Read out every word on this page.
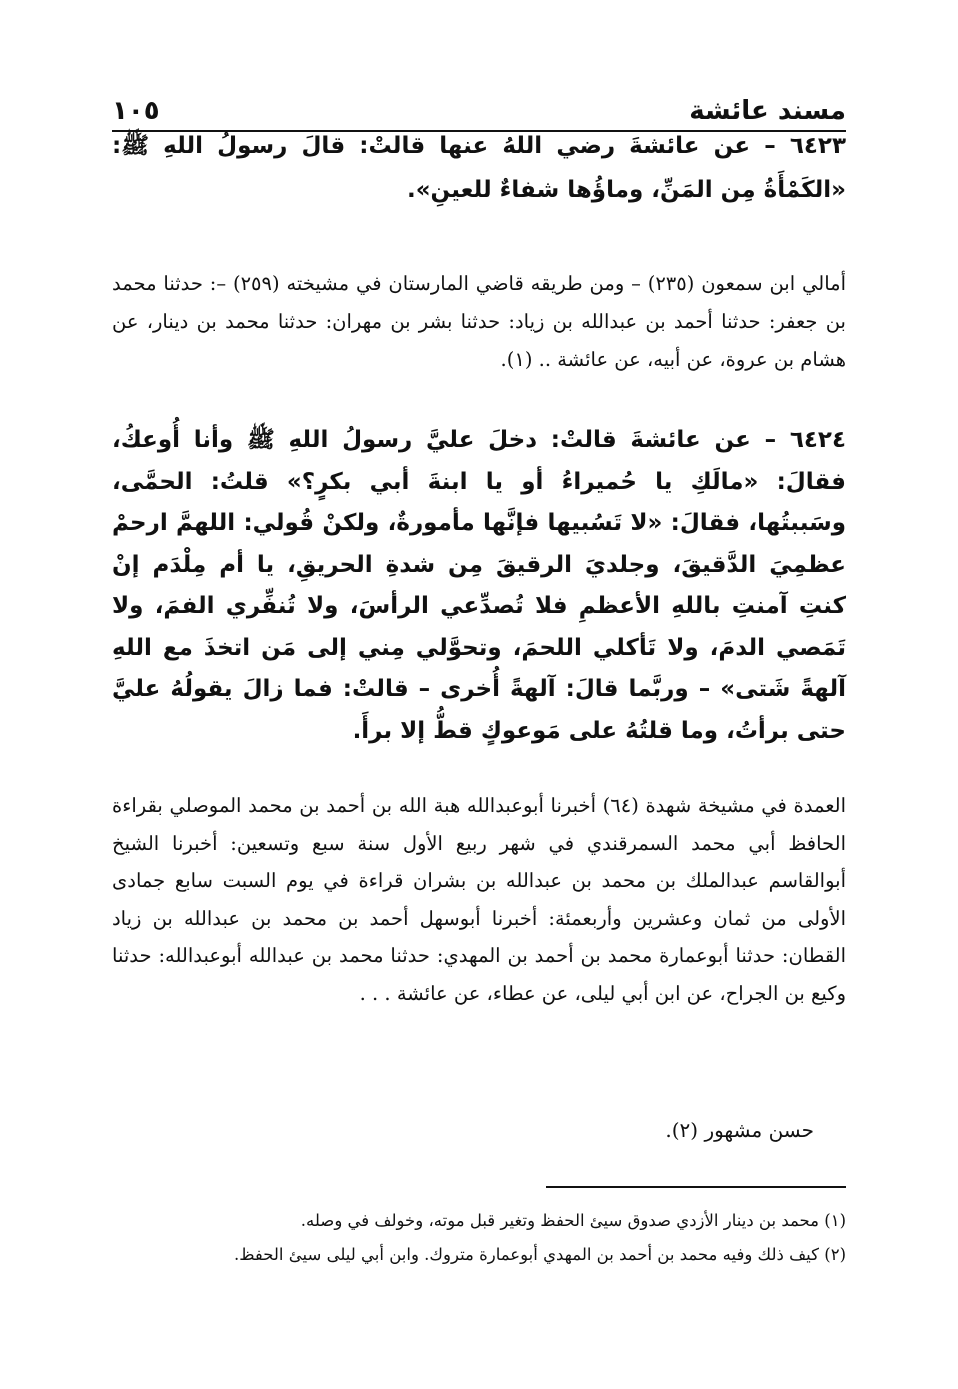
مسند عائشة
١٠٥

٦٤٢٣ – عن عائشةَ رضي اللهُ عنها قالتْ: قالَ رسولُ اللهِ ﷺ: «الكَمْأَةُ مِن المَنِّ، وماؤُها شفاءٌ للعينِ».

أمالي ابن سمعون (٢٣٥) – ومن طريقه قاضي المارستان في مشيخته (٢٥٩) –: حدثنا محمد بن جعفر: حدثنا أحمد بن عبدالله بن زياد: حدثنا بشر بن مهران: حدثنا محمد بن دينار، عن هشام بن عروة، عن أبيه، عن عائشة .. (١).

٦٤٢٤ – عن عائشةَ قالتْ: دخلَ عليَّ رسولُ اللهِ ﷺ وأنا أُوعكُ، فقالَ: «مالَكِ يا حُميراءُ أو يا ابنةَ أبي بكرٍ؟» قلتُ: الحمَّى، وسَببتُها، فقالَ: «لا تَسُبيها فإنَّها مأمورةٌ، ولكنْ قُولي: اللهمَّ ارحمْ عظمِيَ الدَّقيقَ، وجلديَ الرقيقَ مِن شدةِ الحريقِ، يا أم مِلْدَم إنْ كنتِ آمنتِ باللهِ الأعظمِ فلا تُصدِّعي الرأسَ، ولا تُنفِّري الفمَ، ولا تَمَصي الدمَ، ولا تَأكلي اللحمَ، وتحوَّلي مِني إلى مَن اتخذَ مع اللهِ آلهةً شَتى» – وربَّما قالَ: آلهةً أُخرى – قالتْ: فما زالَ يقولُهُ عليَّ حتى برأتُ، وما قلتُهُ على مَوعوكٍ قطُّ إلا برأَ.

العمدة في مشيخة شهدة (٦٤) أخبرنا أبوعبدالله هبة الله بن أحمد بن محمد الموصلي بقراءة الحافظ أبي محمد السمرقندي في شهر ربيع الأول سنة سبع وتسعين: أخبرنا الشيخ أبوالقاسم عبدالملك بن محمد بن عبدالله بن بشران قراءة في يوم السبت سابع جمادى الأولى من ثمان وعشرين وأربعمئة: أخبرنا أبوسهل أحمد بن محمد بن عبدالله بن زياد القطان: حدثنا أبوعمارة محمد بن أحمد بن المهدي: حدثنا محمد بن عبدالله أبوعبدالله: حدثنا وكيع بن الجراح، عن ابن أبي ليلى، عن عطاء، عن عائشة . . .

حسن مشهور (٢).
(١) محمد بن دينار الأزدي صدوق سيئ الحفظ وتغير قبل موته، وخولف في وصله.
(٢) كيف ذلك وفيه محمد بن أحمد بن المهدي أبوعمارة متروك. وابن أبي ليلى سيئ الحفظ.
